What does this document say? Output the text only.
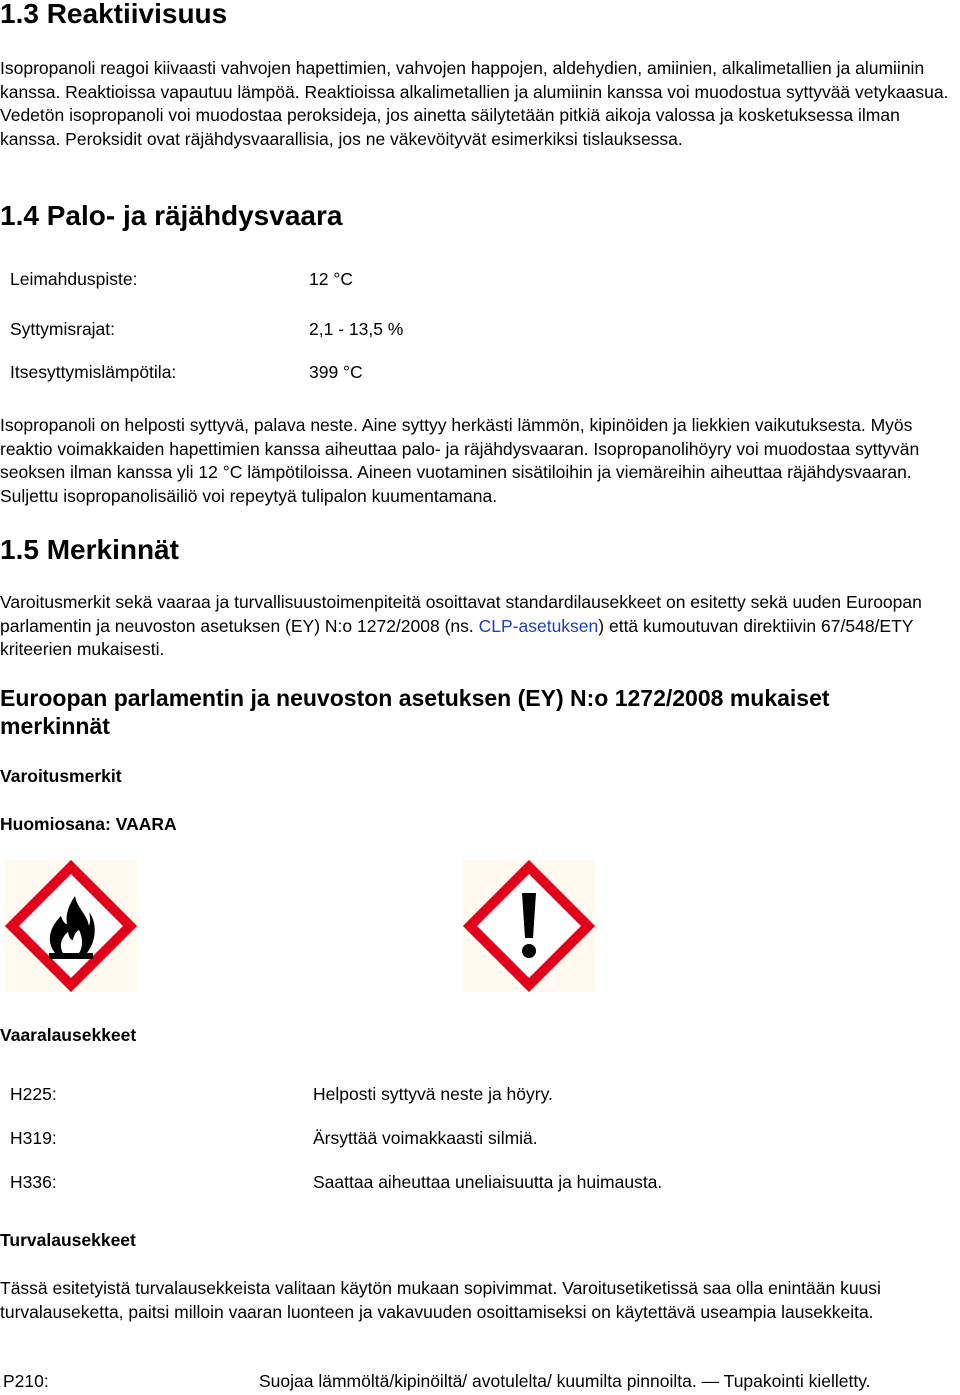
1.3 Reaktiivisuus
Isopropanoli reagoi kiivaasti vahvojen hapettimien, vahvojen happojen, aldehydien, amiinien, alkalimetallien ja alumiinin kanssa. Reaktioissa vapautuu lämpöä. Reaktioissa alkalimetallien ja alumiinin kanssa voi muodostua syttyvää vetykaasua. Vedetön isopropanoli voi muodostaa peroksideja, jos ainetta säilytetään pitkiä aikoja valossa ja kosketuksessa ilman kanssa. Peroksidit ovat räjähdysvaarallisia, jos ne väkevöityvät esimerkiksi tislauksessa.
1.4 Palo- ja räjähdysvaara
Leimahduspiste:	12 °C
Syttymisrajat:	2,1 - 13,5 %
Itsesyttymislämpötila:	399 °C
Isopropanoli on helposti syttyvä, palava neste. Aine syttyy herkästi lämmön, kipinöiden ja liekkien vaikutuksesta. Myös reaktio voimakkaiden hapettimien kanssa aiheuttaa palo- ja räjähdysvaaran. Isopropanolihöyry voi muodostaa syttyvän seoksen ilman kanssa yli 12 °C lämpötiloissa. Aineen vuotaminen sisätiloihin ja viemäreihin aiheuttaa räjähdysvaaran. Suljettu isopropanolisäiliö voi repeytyä tulipalon kuumentamana.
1.5 Merkinnät
Varoitusmerkit sekä vaaraa ja turvallisuustoimenpiteitä osoittavat standardilausekkeet on esitetty sekä uuden Euroopan parlamentin ja neuvoston asetuksen (EY) N:o 1272/2008 (ns. CLP-asetuksen) että kumoutuvan direktiivin 67/548/ETY kriteerien mukaisesti.
Euroopan parlamentin ja neuvoston asetuksen (EY) N:o 1272/2008 mukaiset merkinnät
Varoitusmerkit
Huomiosana: VAARA
Vaaralausekkeet
H225:	Helposti syttyvä neste ja höyry.
H319:	Ärsyttää voimakkaasti silmiä.
H336:	Saattaa aiheuttaa uneliaisuutta ja huimausta.
Turvalausekkeet
Tässä esitetyistä turvalausekkeista valitaan käytön mukaan sopivimmat. Varoitusetiketissä saa olla enintään kuusi turvalauseketta, paitsi milloin vaaran luonteen ja vakavuuden osoittamiseksi on käytettävä useampia lausekkeita.
P210:	Suojaa lämmöltä/kipinöiltä/ avotulelta/ kuumilta pinnoilta. — Tupakointi kielletty.
